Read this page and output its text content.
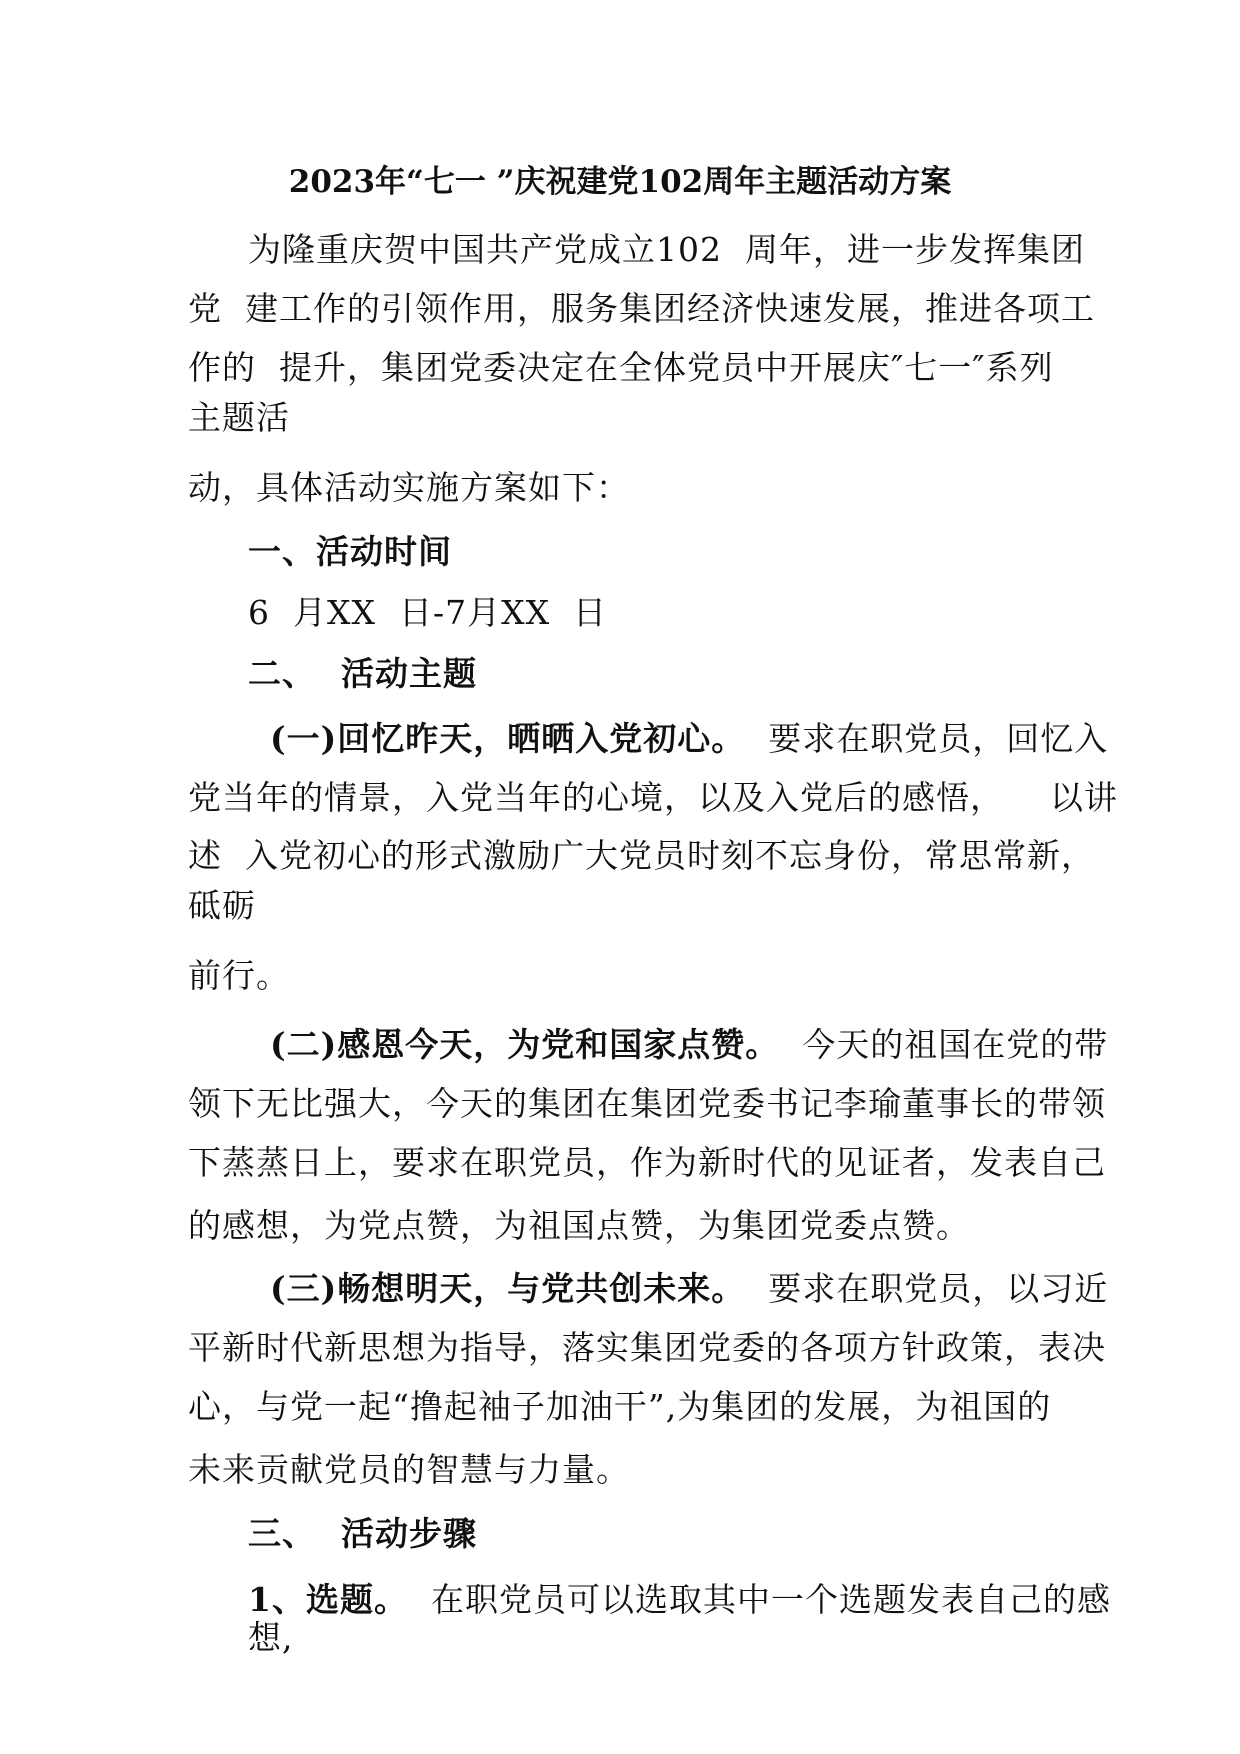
2023年“七一 ”庆祝建党102周年主题活动方案
为隆重庆贺中国共产党成立102  周年，进一步发挥集团
党  建工作的引领作用，服务集团经济快速发展，推进各项工
作的  提升，集团党委决定在全体党员中开展庆″七一″系列
主题活
动，具体活动实施方案如下：
一、活动时间
6  月XX  日-7月XX  日
二、  活动主题
(一)回忆昨天，晒晒入党初心。  要求在职党员，回忆入
党当年的情景，入党当年的心境，以及入党后的感悟，    以讲
述  入党初心的形式激励广大党员时刻不忘身份，常思常新，
砥砺
前行。
(二)感恩今天，为党和国家点赞。  今天的祖国在党的带
领下无比强大，今天的集团在集团党委书记李瑜董事长的带领
下蒸蒸日上，要求在职党员，作为新时代的见证者，发表自己
的感想，为党点赞，为祖国点赞，为集团党委点赞。
(三)畅想明天，与党共创未来。  要求在职党员，以习近
平新时代新思想为指导，落实集团党委的各项方针政策，表决
心，与党一起“撸起袖子加油干”,为集团的发展，为祖国的
未来贡献党员的智慧与力量。
三、  活动步骤
1、选题。  在职党员可以选取其中一个选题发表自己的感
想,
